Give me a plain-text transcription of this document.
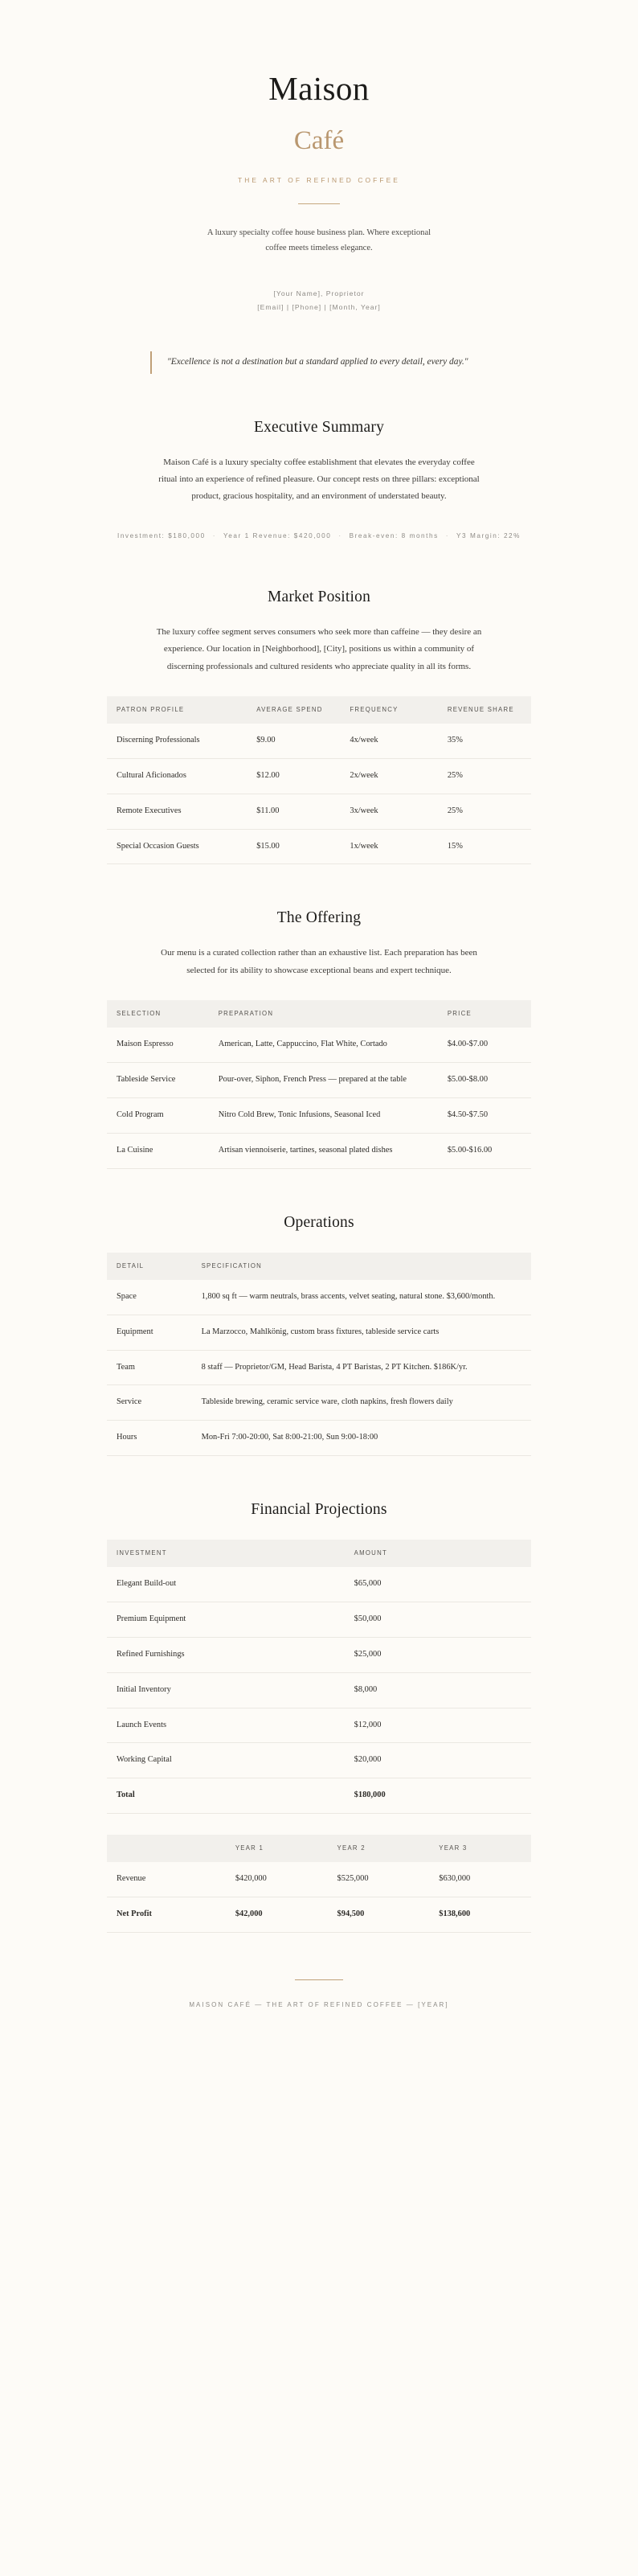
Maison
Café
THE ART OF REFINED COFFEE

A luxury specialty coffee house business plan. Where exceptional coffee meets timeless elegance.

[Your Name], Proprietor
[Email] | [Phone] | [Month, Year]
"Excellence is not a destination but a standard applied to every detail, every day."
Executive Summary

Maison Café is a luxury specialty coffee establishment that elevates the everyday coffee ritual into an experience of refined pleasure. Our concept rests on three pillars: exceptional product, gracious hospitality, and an environment of understated beauty.

Investment: $180,000 · Year 1 Revenue: $420,000 · Break-even: 8 months · Y3 Margin: 22%
Market Position

The luxury coffee segment serves consumers who seek more than caffeine — they desire an experience. Our location in [Neighborhood], [City], positions us within a community of discerning professionals and cultured residents who appreciate quality in all its forms.

PATRON PROFILE	AVERAGE SPEND	FREQUENCY	REVENUE SHARE
Discerning Professionals	$9.00	4x/week	35%
Cultural Aficionados	$12.00	2x/week	25%
Remote Executives	$11.00	3x/week	25%
Special Occasion Guests	$15.00	1x/week	15%
The Offering

Our menu is a curated collection rather than an exhaustive list. Each preparation has been selected for its ability to showcase exceptional beans and expert technique.

SELECTION	PREPARATION	PRICE
Maison Espresso	American, Latte, Cappuccino, Flat White, Cortado	$4.00-$7.00
Tableside Service	Pour-over, Siphon, French Press — prepared at the table	$5.00-$8.00
Cold Program	Nitro Cold Brew, Tonic Infusions, Seasonal Iced	$4.50-$7.50
La Cuisine	Artisan viennoiserie, tartines, seasonal plated dishes	$5.00-$16.00
Operations
DETAIL	SPECIFICATION
Space	1,800 sq ft — warm neutrals, brass accents, velvet seating, natural stone. $3,600/month.
Equipment	La Marzocco, Mahlkönig, custom brass fixtures, tableside service carts
Team	8 staff — Proprietor/GM, Head Barista, 4 PT Baristas, 2 PT Kitchen. $186K/yr.
Service	Tableside brewing, ceramic service ware, cloth napkins, fresh flowers daily
Hours	Mon-Fri 7:00-20:00, Sat 8:00-21:00, Sun 9:00-18:00
Financial Projections
INVESTMENT	AMOUNT
Elegant Build-out	$65,000
Premium Equipment	$50,000
Refined Furnishings	$25,000
Initial Inventory	$8,000
Launch Events	$12,000
Working Capital	$20,000
Total	$180,000
	YEAR 1	YEAR 2	YEAR 3
Revenue	$420,000	$525,000	$630,000
Net Profit	$42,000	$94,500	$138,600
MAISON CAFÉ — THE ART OF REFINED COFFEE — [YEAR]
